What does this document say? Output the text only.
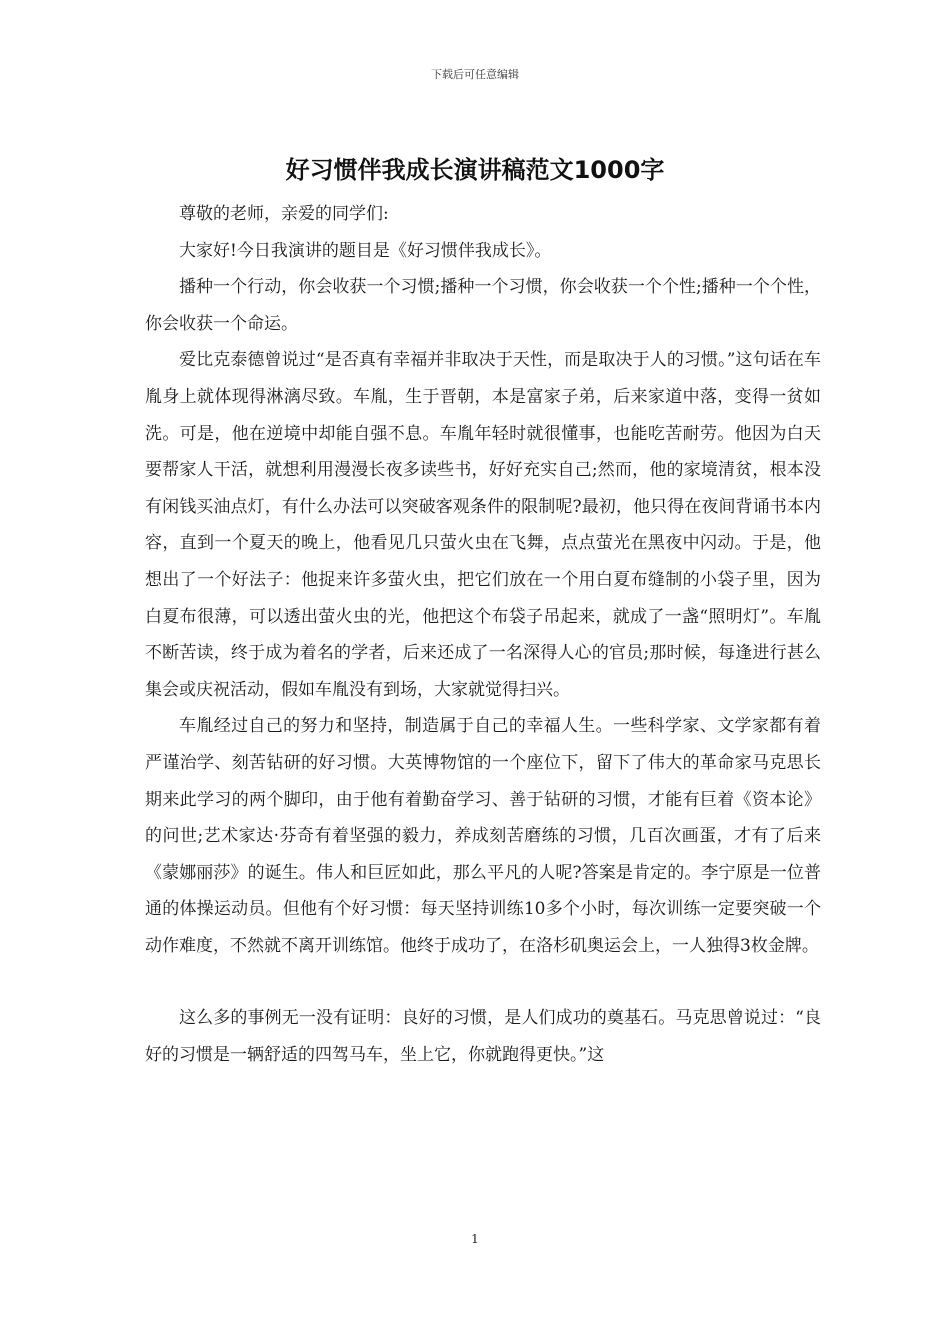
下载后可任意编辑
好习惯伴我成长演讲稿范文1000字

尊敬的老师，亲爱的同学们:

大家好!今日我演讲的题目是《好习惯伴我成长》。

播种一个行动，你会收获一个习惯;播种一个习惯，你会收获一个个性;播种一个个性，你会收获一个命运。

爱比克泰德曾说过“是否真有幸福并非取决于天性，而是取决于人的习惯。”这句话在车胤身上就体现得淋漓尽致。车胤，生于晋朝，本是富家子弟，后来家道中落，变得一贫如洗。可是，他在逆境中却能自强不息。车胤年轻时就很懂事，也能吃苦耐劳。他因为白天要帮家人干活，就想利用漫漫长夜多读些书，好好充实自己;然而，他的家境清贫，根本没有闲钱买油点灯，有什么办法可以突破客观条件的限制呢?最初，他只得在夜间背诵书本内容，直到一个夏天的晚上，他看见几只萤火虫在飞舞，点点萤光在黑夜中闪动。于是，他想出了一个好法子：他捉来许多萤火虫，把它们放在一个用白夏布缝制的小袋子里，因为白夏布很薄，可以透出萤火虫的光，他把这个布袋子吊起来，就成了一盏“照明灯”。车胤不断苦读，终于成为着名的学者，后来还成了一名深得人心的官员;那时候，每逢进行甚么集会或庆祝活动，假如车胤没有到场，大家就觉得扫兴。

车胤经过自己的努力和坚持，制造属于自己的幸福人生。一些科学家、文学家都有着严谨治学、刻苦钻研的好习惯。大英博物馆的一个座位下，留下了伟大的革命家马克思长期来此学习的两个脚印，由于他有着勤奋学习、善于钻研的习惯，才能有巨着《资本论》的问世;艺术家达·芬奇有着坚强的毅力，养成刻苦磨练的习惯，几百次画蛋，才有了后来《蒙娜丽莎》的诞生。伟人和巨匠如此，那么平凡的人呢?答案是肯定的。李宁原是一位普通的体操运动员。但他有个好习惯：每天坚持训练10多个小时，每次训练一定要突破一个动作难度，不然就不离开训练馆。他终于成功了，在洛杉矶奥运会上，一人独得3枚金牌。

这么多的事例无一没有证明：良好的习惯，是人们成功的奠基石。马克思曾说过：“良好的习惯是一辆舒适的四驾马车，坐上它，你就跑得更快。”这

1
